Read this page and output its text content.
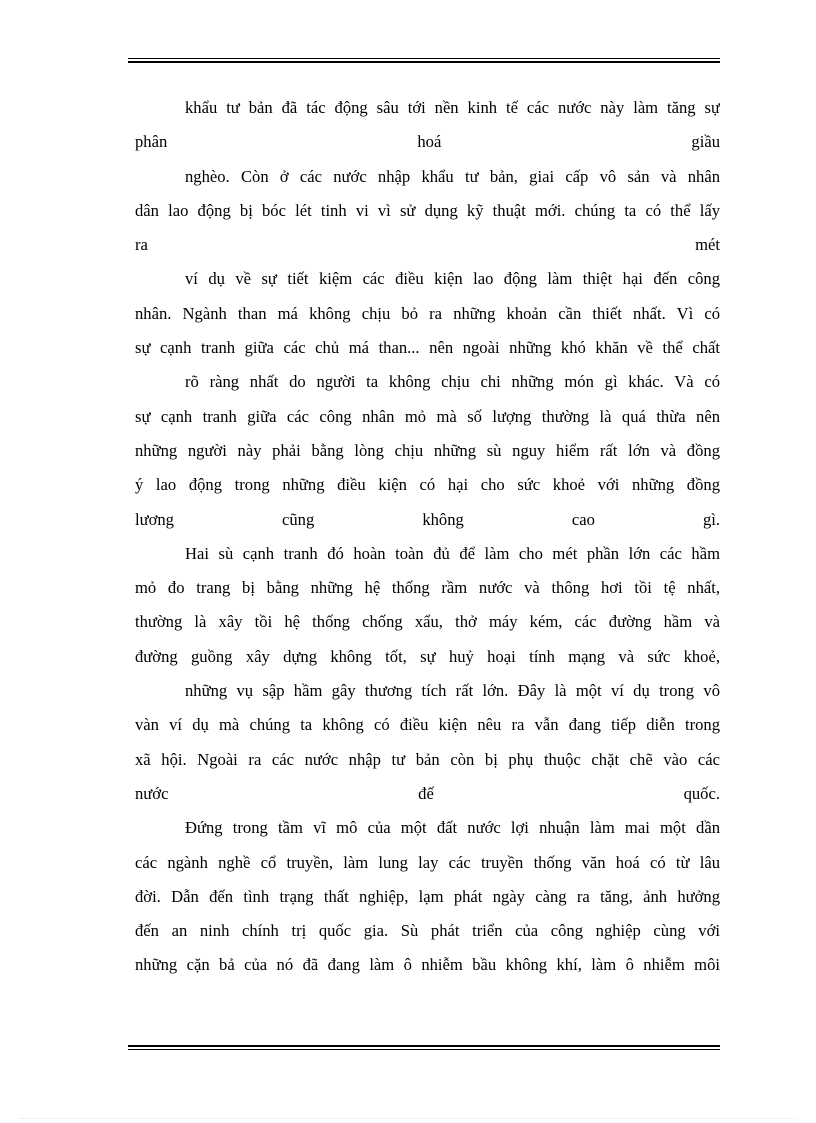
khẩu tư bản đã tác động sâu tới nền kinh tế các nước này làm tăng sự
phân hoá giầu
nghèo. Còn ở các nước nhập khẩu tư bản, giai cấp vô sản và nhân
dân lao động bị bóc lét tinh vi vì sử dụng kỹ thuật mới. chúng ta có thể lấy
ra mét
ví dụ về sự tiết kiệm các điều kiện lao động làm thiệt hại đến công
nhân. Ngành than má không chịu bỏ ra những khoản cần thiết nhất. Vì có
sự cạnh tranh giữa các chủ má than... nên ngoài những khó khăn về thể chất
rõ ràng nhất do người ta không chịu chi những món gì khác. Và có
sự cạnh tranh giữa các công nhân mỏ mà số lượng thường là quá thừa nên
những người này phải bằng lòng chịu những sù nguy hiểm rất lớn và đồng
ý lao động trong những điều kiện có hại cho sức khoẻ với những đồng
lương cũng không cao gì.
Hai sù cạnh tranh đó hoàn toàn đủ để làm cho mét phần lớn các hầm
mỏ đo trang bị bằng những hệ thống rầm nước và thông hơi tồi tệ nhất,
thường là xây tồi hệ thống chống xẩu, thở máy kém, các đường hầm và
đường guồng xây dựng không tốt, sự huỷ hoại tính mạng và sức khoẻ,
những vụ sập hầm gây thương tích rất lớn. Đây là một ví dụ trong vô
vàn ví dụ mà chúng ta không có điều kiện nêu ra vẫn đang tiếp diễn trong
xã hội. Ngoài ra các nước nhập tư bản còn bị phụ thuộc chặt chẽ vào các
nước đế quốc.
Đứng trong tầm vĩ mô của một đất nước lợi nhuận làm mai một dần
các ngành nghề cổ truyền, làm lung lay các truyền thống văn hoá có từ lâu
đời. Dẫn đến tình trạng thất nghiệp, lạm phát ngày càng ra tăng, ảnh hưởng
đến an ninh chính trị quốc gia. Sù phát triển của công nghiệp cùng với
những cặn bả của nó đã đang làm ô nhiễm bầu không khí, làm ô nhiễm môi
